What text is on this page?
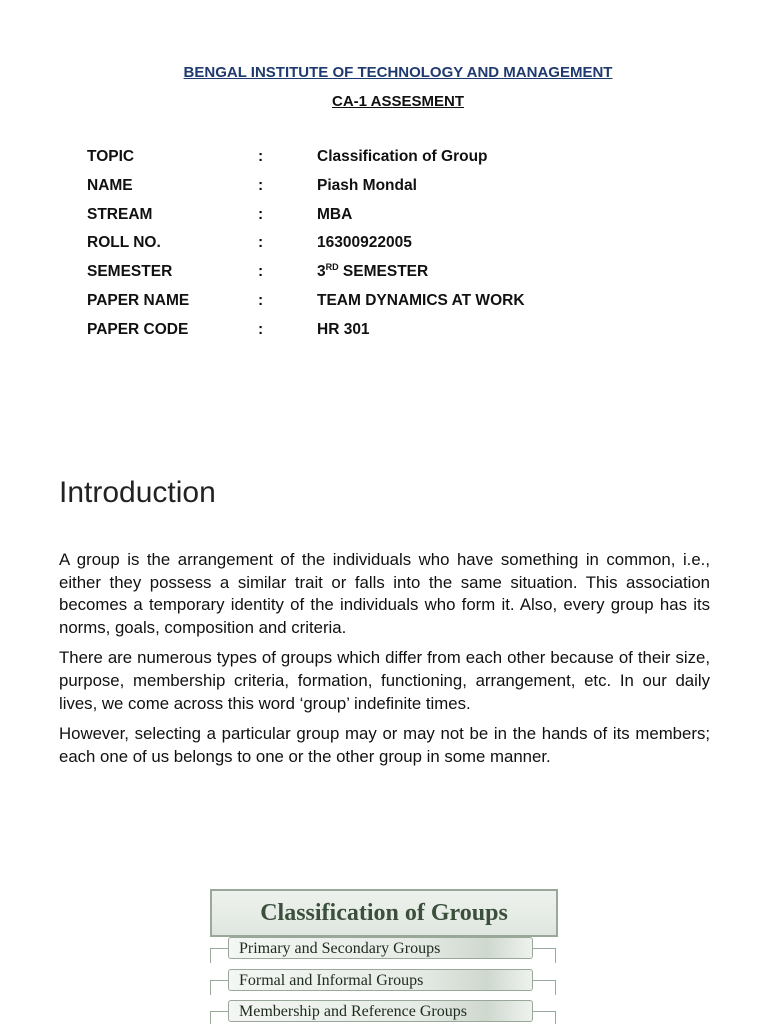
BENGAL INSTITUTE OF TECHNOLOGY AND MANAGEMENT
CA-1 ASSESMENT
TOPIC	:	Classification of Group
NAME	:	Piash Mondal
STREAM	:	MBA
ROLL NO.	:	16300922005
SEMESTER	:	3RD SEMESTER
PAPER NAME	:	TEAM DYNAMICS AT WORK
PAPER CODE	:	HR 301
Introduction

A group is the arrangement of the individuals who have something in common, i.e., either they possess a similar trait or falls into the same situation. This association becomes a temporary identity of the individuals who form it. Also, every group has its norms, goals, composition and criteria.

There are numerous types of groups which differ from each other because of their size, purpose, membership criteria, formation, functioning, arrangement, etc. In our daily lives, we come across this word ‘group’ indefinite times.

However, selecting a particular group may or may not be in the hands of its members; each one of us belongs to one or the other group in some manner.

Classification of Groups
Primary and Secondary Groups
Formal and Informal Groups
Membership and Reference Groups
